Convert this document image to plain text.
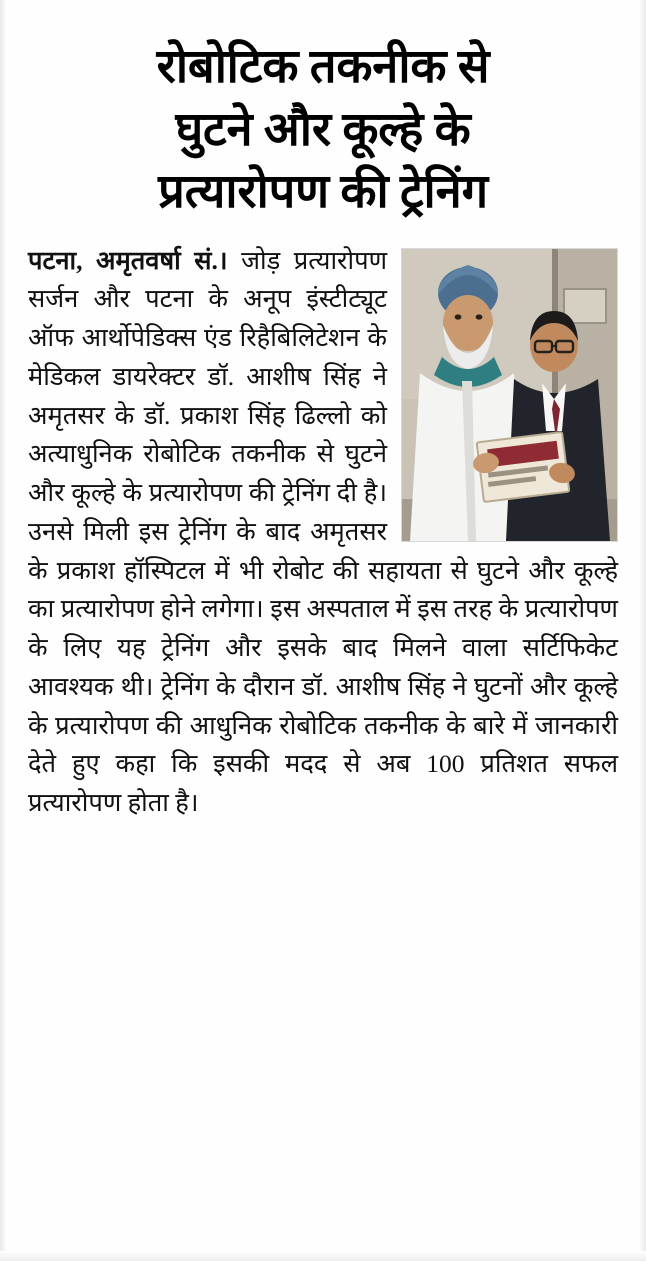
रोबोटिक तकनीक से
घुटने और कूल्हे के
प्रत्यारोपण की ट्रेनिंग

पटना, अमृतवर्षा सं.। जोड़ प्रत्यारोपण सर्जन और पटना के अनूप इंस्टीट्यूट ऑफ आर्थोपेडिक्स एंड रिहैबिलिटेशन के मेडिकल डायरेक्टर डॉ. आशीष सिंह ने अमृतसर के डॉ. प्रकाश सिंह ढिल्लो को अत्याधुनिक रोबोटिक तकनीक से घुटने और कूल्हे के प्रत्यारोपण की ट्रेनिंग दी है। उनसे मिली इस ट्रेनिंग के बाद अमृतसर के प्रकाश हॉस्पिटल में भी रोबोट की सहायता से घुटने और कूल्हे का प्रत्यारोपण होने लगेगा। इस अस्पताल में इस तरह के प्रत्यारोपण के लिए यह ट्रेनिंग और इसके बाद मिलने वाला सर्टिफिकेट आवश्यक थी। ट्रेनिंग के दौरान डॉ. आशीष सिंह ने घुटनों और कूल्हे के प्रत्यारोपण की आधुनिक रोबोटिक तकनीक के बारे में जानकारी देते हुए कहा कि इसकी मदद से अब 100 प्रतिशत सफल प्रत्यारोपण होता है।
